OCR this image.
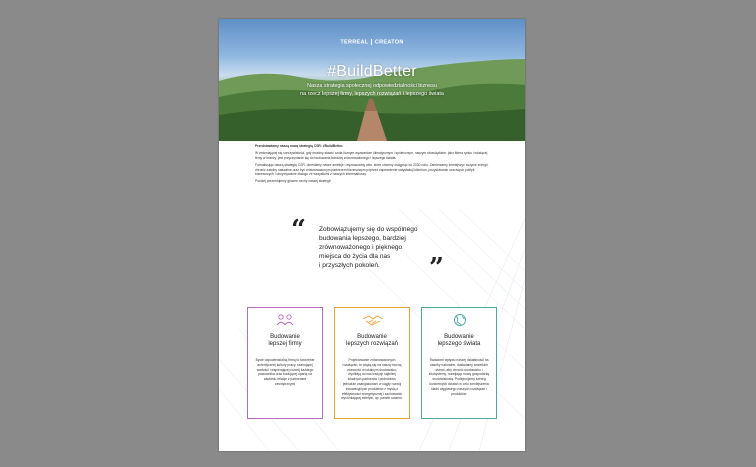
TERREAL CREATON
#BuildBetter
Nasza strategia społecznej odpowiedzialności biznesu
na rzecz lepszej firmy, lepszych rozwiązań i lepszego świata

Przedstawiamy naszą nową strategię CSR: #BuildBetter.

W zmieniającej się rzeczywistości, gdy musimy stawić czoła licznym wyzwaniom klimatycznym i społecznym, naszym obowiązkiem, jako lidera rynku i wiodącej firmy w branży, jest przyczynianie się do budowania bardziej zrównoważonego i lepszego świata.

Formalizując naszą strategię CSR, określamy nasze ambicje i wyznaczamy cele, które chcemy osiągnąć do 2030 roku. Zamierzamy zmniejszyć zużycie energii, chronić zasoby naturalne oraz być zrównoważonym partnerem biznesowym poprzez zapewnienie satysfakcji klientom, pozyskiwanie uczciwych polityk biznesowych i utrzymywanie dialogu ze wszystkimi z naszych interesariuszy.

Poniżej prezentujemy główne cechy naszej strategii:

“ Zobowiązujemy się do wspólnego
budowania lepszego, bardziej
zrównoważonego i pięknego
miejsca do życia dla nas
i przyszłych pokoleń.	”
Budowanie
lepszej firmy
Bycie odpowiedzialną firmą to tworzenie autentycznej kultury pracy, szanującej wartości i wspierającej rozwój każdego pracownika oraz budującej opartą na zaufaniu relacje z partnerami zewnętrznymi
Budowanie
lepszych rozwiązań
Projektowanie zrównoważonych rozwiązań, te wiążą się na naszą mocną obecność w lokalnym środowisku, wynikają od nas tradycji najbliżej lokalnych partnerów i podmiotów, jednakże zaangażowani w ciągły rozwój innowacyjnych produktów z myślą o efektywności energetycznej i zachowaniu wyróżniającej estetyki, np. panele solarne.
Budowanie
lepszego świata
Świadomi wpływu naszej działalności na zasoby naturalne, dokładamy wszelkich starań, aby chronić środowisko i ekosystemy, rozwijając nową gospodarkę środowiskową. Podejmujemy szereg konkretnych działań w celu zmniejszenia śladu węglowego naszych rozwiązań i produktów.
